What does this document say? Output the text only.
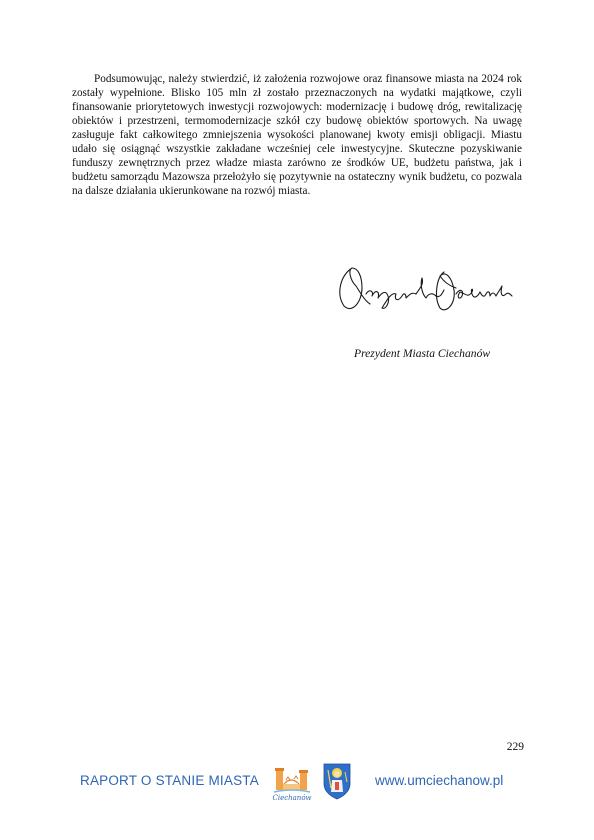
Podsumowując, należy stwierdzić, iż założenia rozwojowe oraz finansowe miasta na 2024 rok zostały wypełnione. Blisko 105 mln zł zostało przeznaczonych na wydatki majątkowe, czyli finansowanie priorytetowych inwestycji rozwojowych: modernizację i budowę dróg, rewitalizację obiektów i przestrzeni, termomodernizacje szkół czy budowę obiektów sportowych. Na uwagę zasługuje fakt całkowitego zmniejszenia wysokości planowanej kwoty emisji obligacji. Miastu udało się osiągnąć wszystkie zakładane wcześniej cele inwestycyjne. Skuteczne pozyskiwanie funduszy zewnętrznych przez władze miasta zarówno ze środków UE, budżetu państwa, jak i budżetu samorządu Mazowsza przełożyło się pozytywnie na ostateczny wynik budżetu, co pozwala na dalsze działania ukierunkowane na rozwój miasta.

Prezydent Miasta Ciechanów

229

RAPORT O STANIE MIASTA
Ciechanów
www.umciechanow.pl
